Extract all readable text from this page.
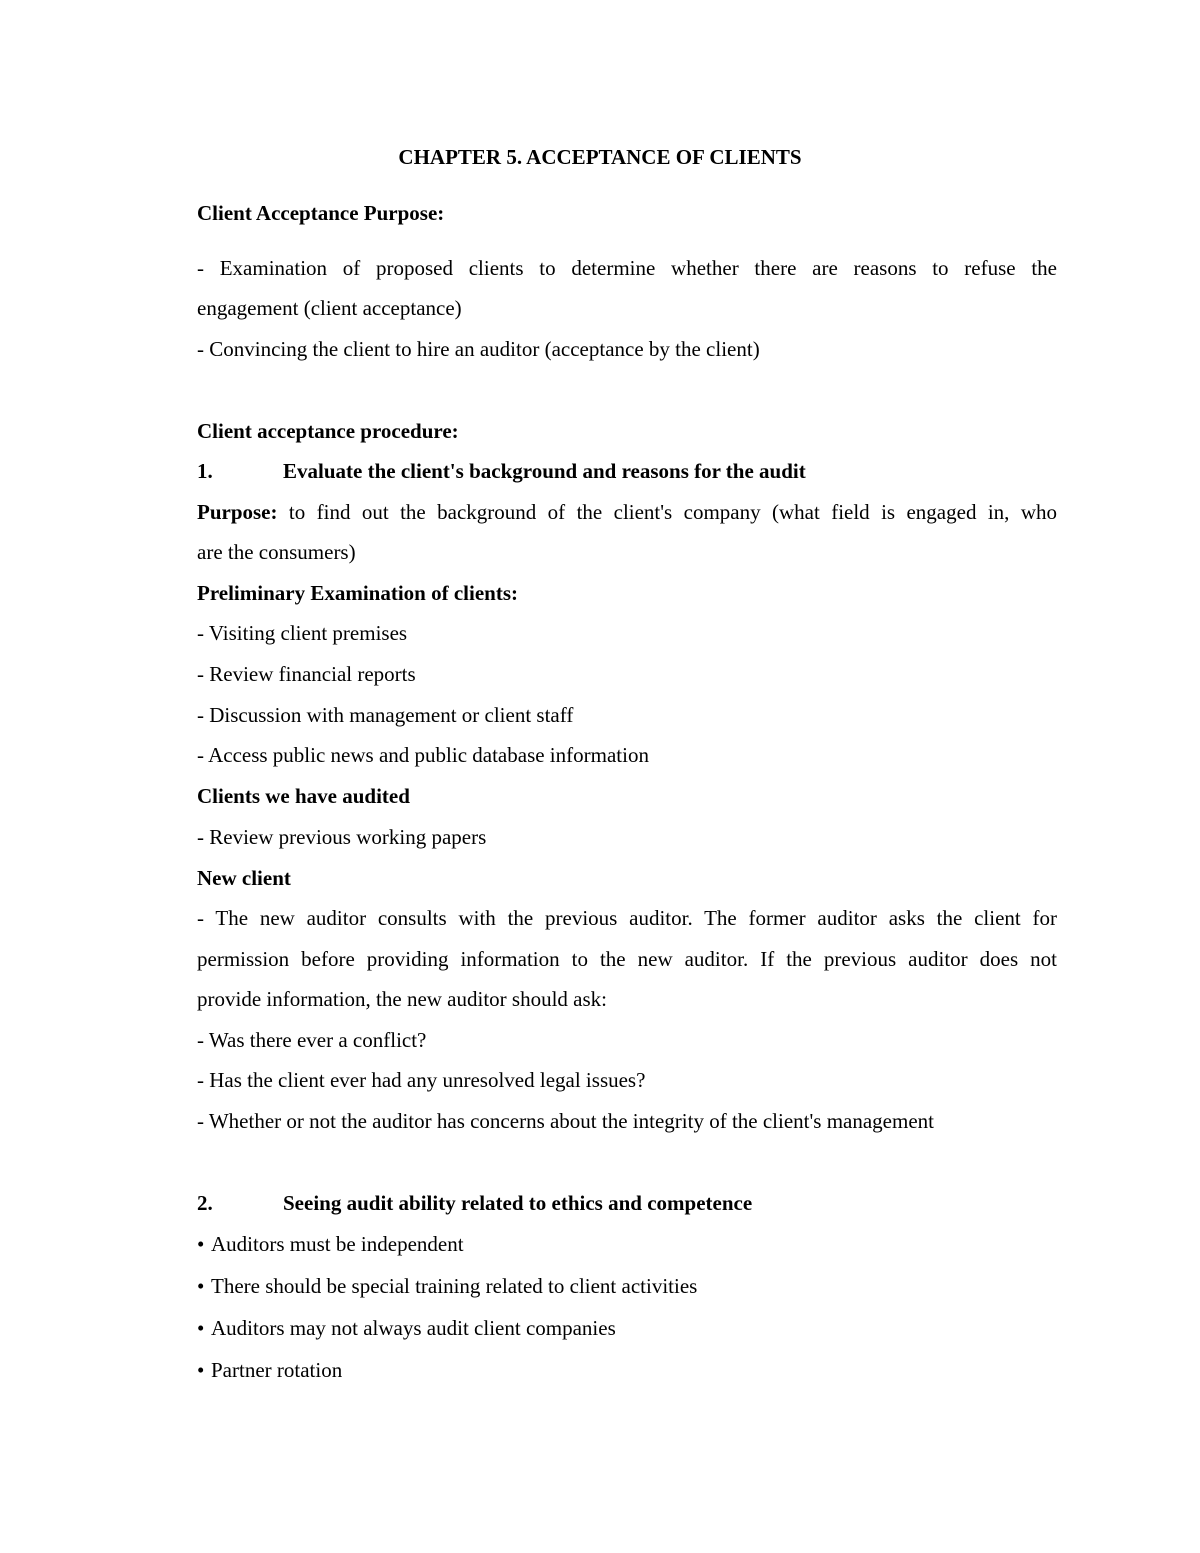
CHAPTER 5. ACCEPTANCE OF CLIENTS
Client Acceptance Purpose:
- Examination of proposed clients to determine whether there are reasons to refuse the
engagement (client acceptance)
- Convincing the client to hire an auditor (acceptance by the client)
Client acceptance procedure:
1.	Evaluate the client's background and reasons for the audit
Purpose: to find out the background of the client's company (what field is engaged in, who
are the consumers)
Preliminary Examination of clients:
- Visiting client premises
- Review financial reports
- Discussion with management or client staff
- Access public news and public database information
Clients we have audited
- Review previous working papers
New client
- The new auditor consults with the previous auditor. The former auditor asks the client for
permission before providing information to the new auditor. If the previous auditor does not
provide information, the new auditor should ask:
- Was there ever a conflict?
- Has the client ever had any unresolved legal issues?
- Whether or not the auditor has concerns about the integrity of the client's management
2.	Seeing audit ability related to ethics and competence
• Auditors must be independent
• There should be special training related to client activities
• Auditors may not always audit client companies
• Partner rotation
